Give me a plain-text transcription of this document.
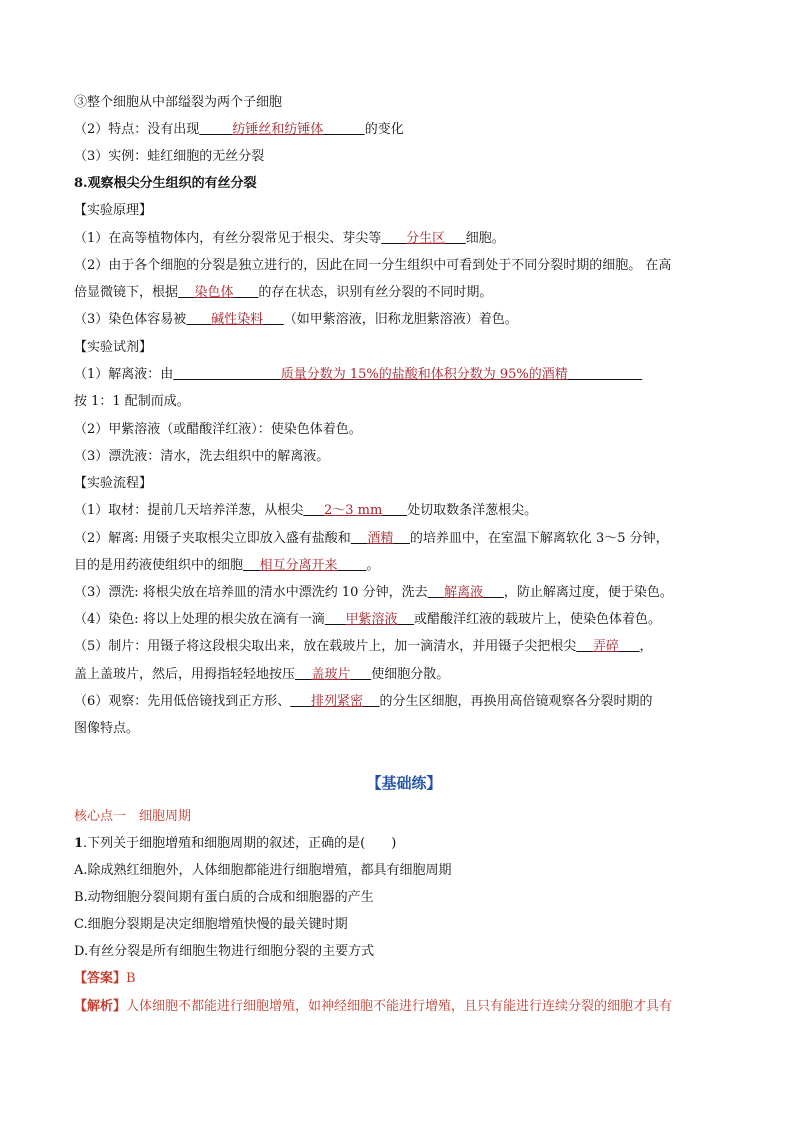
③整个细胞从中部缢裂为两个子细胞
（2）特点：没有出现	纺锤丝和纺锤体	的变化
（3）实例：蛙红细胞的无丝分裂
8.观察根尖分生组织的有丝分裂
【实验原理】
（1）在高等植物体内，有丝分裂常见于根尖、芽尖等 分生区 细胞。
（2）由于各个细胞的分裂是独立进行的，因此在同一分生组织中可看到处于不同分裂时期的细胞。 在高
倍显微镜下，根据 染色体 的存在状态，识别有丝分裂的不同时期。
（3）染色体容易被 碱性染料 （如甲紫溶液，旧称龙胆紫溶液）着色。
【实验试剂】
（1）解离液：由	质量分数为 15%的盐酸和体积分数为 95%的酒精
按 1：1 配制而成。
（2）甲紫溶液（或醋酸洋红液）：使染色体着色。
（3）漂洗液：清水，洗去组织中的解离液。
【实验流程】
（1）取材：提前几天培养洋葱，从根尖 2～3 mm 处切取数条洋葱根尖。
（2）解离: 用镊子夹取根尖立即放入盛有盐酸和 酒精 的培养皿中，在室温下解离软化 3～5 分钟，
目的是用药液使组织中的细胞 相互分离开来 。
（3）漂洗: 将根尖放在培养皿的清水中漂洗约 10 分钟，洗去 解离液 ，防止解离过度，便于染色。
（4）染色: 将以上处理的根尖放在滴有一滴 甲紫溶液 或醋酸洋红液的载玻片上，使染色体着色。
（5）制片：用镊子将这段根尖取出来，放在载玻片上，加一滴清水，并用镊子尖把根尖 弄碎 ，
盖上盖玻片，然后，用拇指轻轻地按压 盖玻片 使细胞分散。
（6）观察：先用低倍镜找到正方形、 排列紧密 的分生区细胞，再换用高倍镜观察各分裂时期的
图像特点。
【基础练】
核心点一　细胞周期
1.下列关于细胞增殖和细胞周期的叙述，正确的是(　　)
A.除成熟红细胞外，人体细胞都能进行细胞增殖，都具有细胞周期
B.动物细胞分裂间期有蛋白质的合成和细胞器的产生
C.细胞分裂期是决定细胞增殖快慢的最关键时期
D.有丝分裂是所有细胞生物进行细胞分裂的主要方式
【答案】B
【解析】人体细胞不都能进行细胞增殖，如神经细胞不能进行增殖，且只有能进行连续分裂的细胞才具有
